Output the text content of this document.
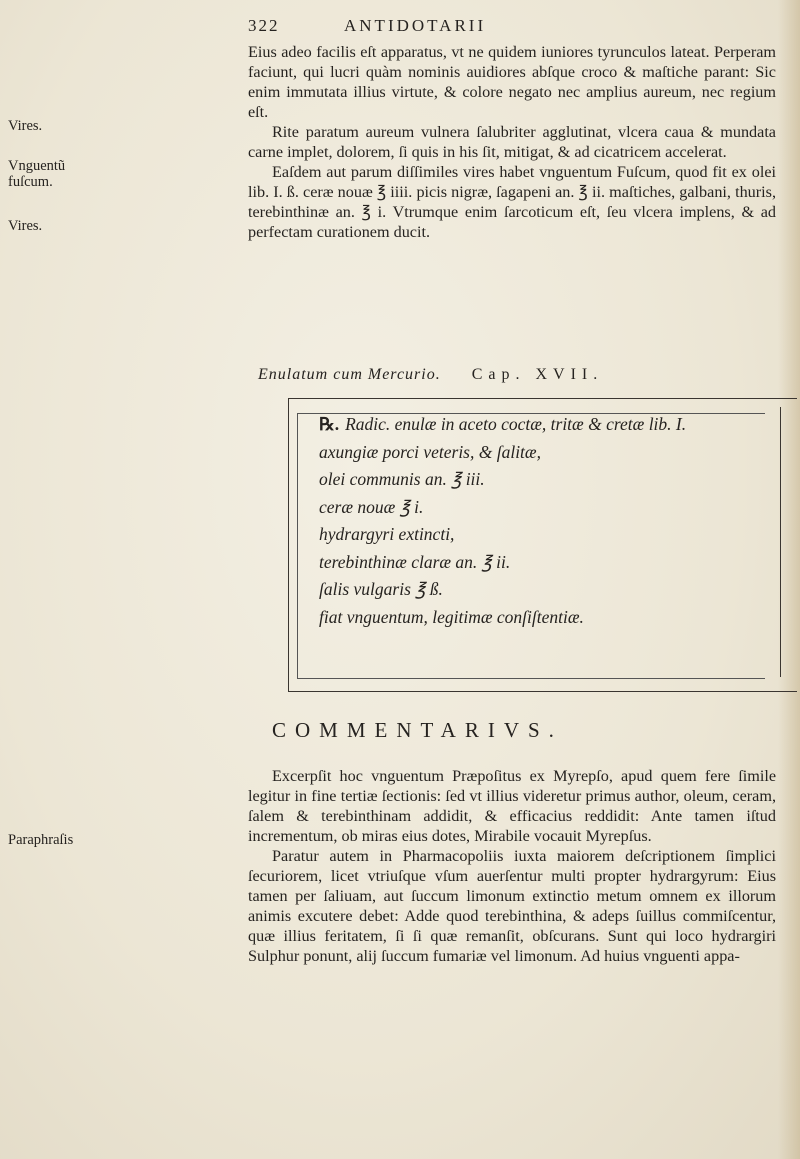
322	ANTIDOTARII

Eius adeo facilis eſt apparatus, vt ne quidem iuniores tyrunculos lateat. Perperam faciunt, qui lucri quàm nominis auidiores abſque croco & maſtiche parant: Sic enim immutata illius virtute, & colore negato nec amplius aureum, nec regium eſt.

Rite paratum aureum vulnera ſalubriter agglutinat, vlcera caua & mundata carne implet, dolorem, ſi quis in his ſit, mitigat, & ad cicatricem accelerat.

Eaſdem aut parum diſſimiles vires habet vnguentum Fuſcum, quod fit ex olei lib. I. ß. ceræ nouæ ℥ iiii. picis nigræ, ſagapeni an. ℥ ii. maſtiches, galbani, thuris, terebinthinæ an. ℥ i. Vtrumque enim ſarcoticum eſt, ſeu vlcera implens, & ad perfectam curationem ducit.

Vires.
Vnguentũ fuſcum.
Vires.
Paraphraſis
Enulatum cum Mercurio. Cap. XVII.
℞. Radic. enulæ in aceto coctæ, tritæ & cretæ lib. I.
axungiæ porci veteris, & ſalitæ,
olei communis an. ℥ iii.
ceræ nouæ ℥ i.
hydrargyri extincti,
terebinthinæ claræ an. ℥ ii.
ſalis vulgaris ℥ ß.
fiat vnguentum, legitimæ conſiſtentiæ.
COMMENTARIVS.

Excerpſit hoc vnguentum Præpoſitus ex Myrepſo, apud quem fere ſimile legitur in fine tertiæ ſectionis: ſed vt illius videretur primus author, oleum, ceram, ſalem & terebinthinam addidit, & efficacius reddidit: Ante tamen iſtud incrementum, ob miras eius dotes, Mirabile vocauit Myrepſus.

Paratur autem in Pharmacopoliis iuxta maiorem deſcriptionem ſimplici ſecuriorem, licet vtriuſque vſum auerſentur multi propter hydrargyrum: Eius tamen per ſaliuam, aut ſuccum limonum extinctio metum omnem ex illorum animis excutere debet: Adde quod terebinthina, & adeps ſuillus commiſcentur, quæ illius feritatem, ſi ſi quæ remanſit, obſcurans. Sunt qui loco hydrargiri Sulphur ponunt, alij ſuccum fumariæ vel limonum. Ad huius vnguenti appa-
